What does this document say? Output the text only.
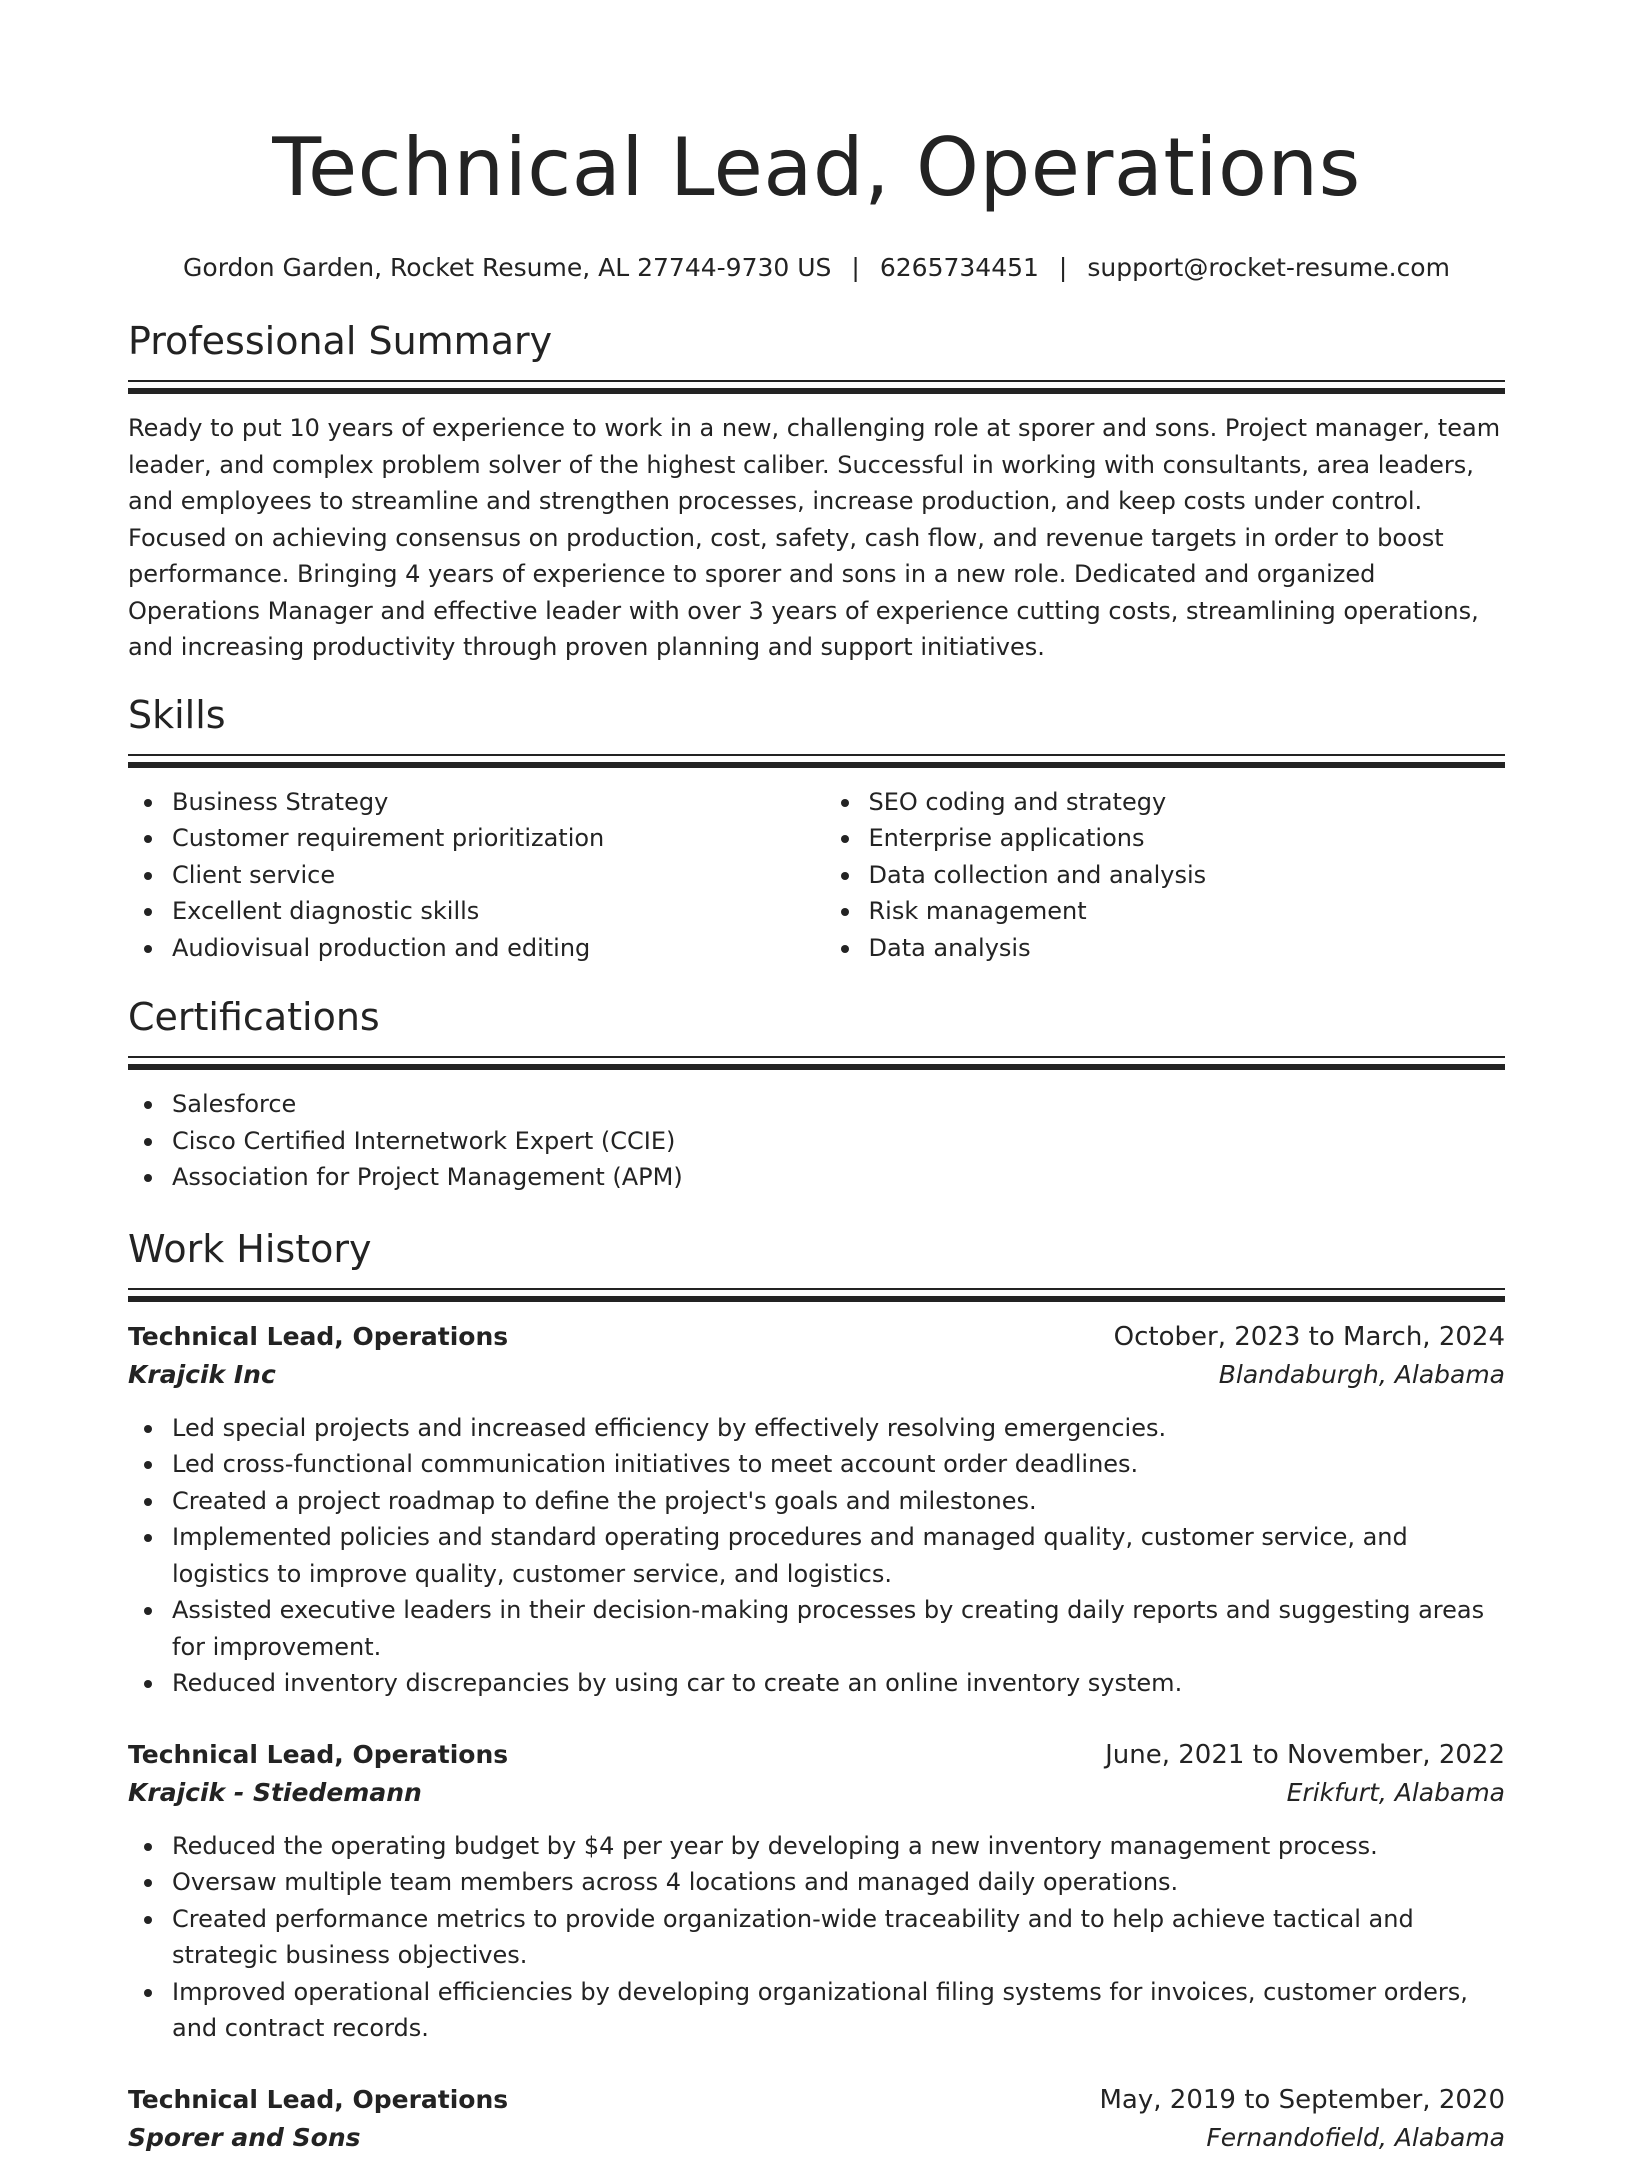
Technical Lead, Operations
Gordon Garden, Rocket Resume, AL 27744-9730 US | 6265734451 | support@rocket-resume.com
Professional Summary

Ready to put 10 years of experience to work in a new, challenging role at sporer and sons. Project manager, team leader, and complex problem solver of the highest caliber. Successful in working with consultants, area leaders, and employees to streamline and strengthen processes, increase production, and keep costs under control. Focused on achieving consensus on production, cost, safety, cash flow, and revenue targets in order to boost performance. Bringing 4 years of experience to sporer and sons in a new role. Dedicated and organized Operations Manager and effective leader with over 3 years of experience cutting costs, streamlining operations, and increasing productivity through proven planning and support initiatives.

Skills
Business Strategy
Customer requirement prioritization
Client service
Excellent diagnostic skills
Audiovisual production and editing
SEO coding and strategy
Enterprise applications
Data collection and analysis
Risk management
Data analysis
Certifications
Salesforce
Cisco Certified Internetwork Expert (CCIE)
Association for Project Management (APM)
Work History
Technical Lead, Operations	October, 2023 to March, 2024
Krajcik Inc	Blandaburgh, Alabama
Led special projects and increased efficiency by effectively resolving emergencies.
Led cross-functional communication initiatives to meet account order deadlines.
Created a project roadmap to define the project's goals and milestones.
Implemented policies and standard operating procedures and managed quality, customer service, and logistics to improve quality, customer service, and logistics.
Assisted executive leaders in their decision-making processes by creating daily reports and suggesting areas for improvement.
Reduced inventory discrepancies by using car to create an online inventory system.
Technical Lead, Operations	June, 2021 to November, 2022
Krajcik - Stiedemann	Erikfurt, Alabama
Reduced the operating budget by $4 per year by developing a new inventory management process.
Oversaw multiple team members across 4 locations and managed daily operations.
Created performance metrics to provide organization-wide traceability and to help achieve tactical and strategic business objectives.
Improved operational efficiencies by developing organizational filing systems for invoices, customer orders, and contract records.
Technical Lead, Operations	May, 2019 to September, 2020
Sporer and Sons	Fernandofield, Alabama
